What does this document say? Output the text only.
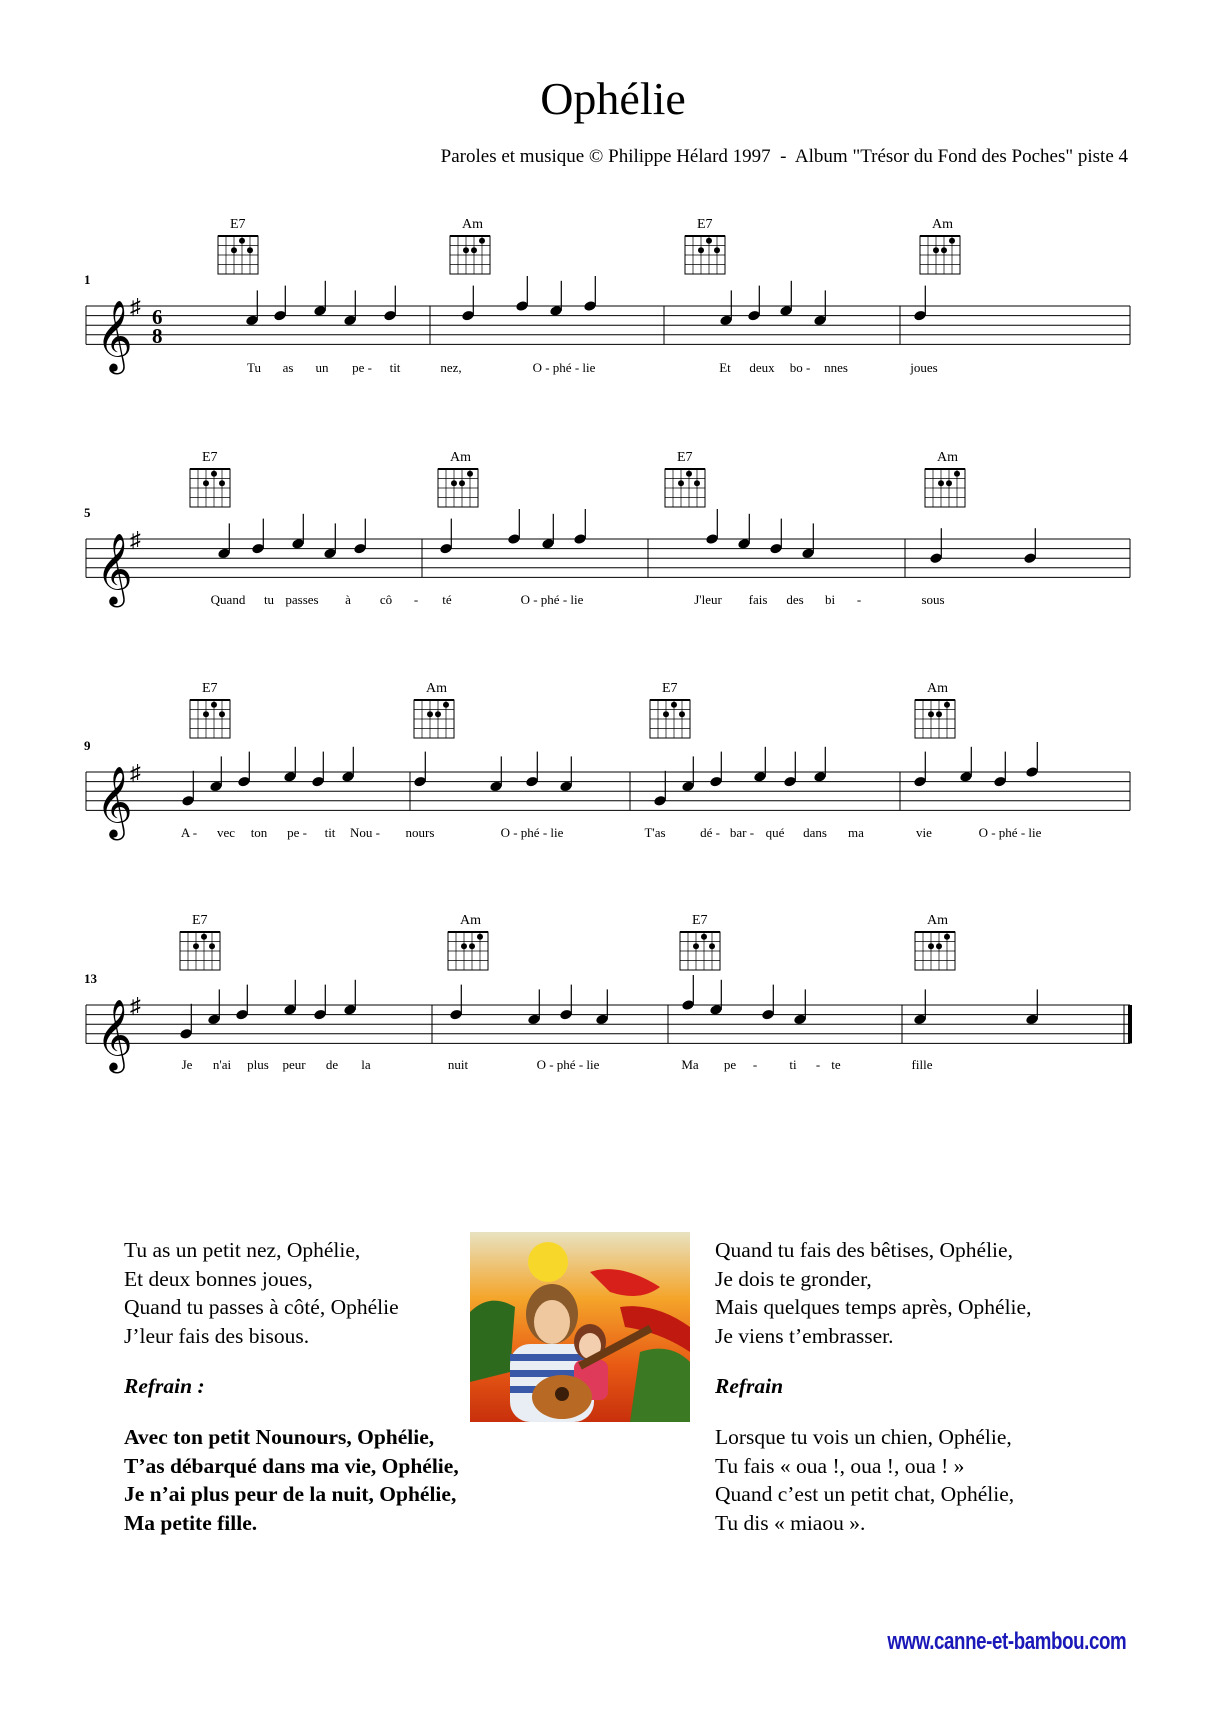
Ophélie
Paroles et musique © Philippe Hélard 1997  -  Album "Trésor du Fond des Poches" piste 4
1
𝄞
♯ 6
8
E7	Am	E7	Am
Tu as un pe - tit	nez,	O - phé - lie	Et deux bo - nnes	joues
5
𝄞
♯
E7	Am	E7	Am
Quand tu passes à cô - té	O - phé - lie	J'leur fais des bi -	sous
9
𝄞
♯
E7	Am	E7	Am
A - vec ton pe - tit Nou - nours	O - phé - lie	T'as	dé - bar - qué dans ma	vie	O - phé - lie
13
𝄞
♯
E7	Am	E7	Am
Je n'ai plus peur de la	nuit	O - phé - lie	Ma pe - ti - te	fille
Tu as un petit nez, Ophélie,
Et deux bonnes joues,
Quand tu passes à côté, Ophélie
J’leur fais des bisous.
Refrain :
Avec ton petit Nounours, Ophélie,
T’as débarqué dans ma vie, Ophélie,
Je n’ai plus peur de la nuit, Ophélie,
Ma petite fille.
Quand tu fais des bêtises, Ophélie,
Je dois te gronder,
Mais quelques temps après, Ophélie,
Je viens t’embrasser.
Refrain
Lorsque tu vois un chien, Ophélie,
Tu fais « oua !, oua !, oua ! »
Quand c’est un petit chat, Ophélie,
Tu dis « miaou ».
www.canne-et-bambou.com
